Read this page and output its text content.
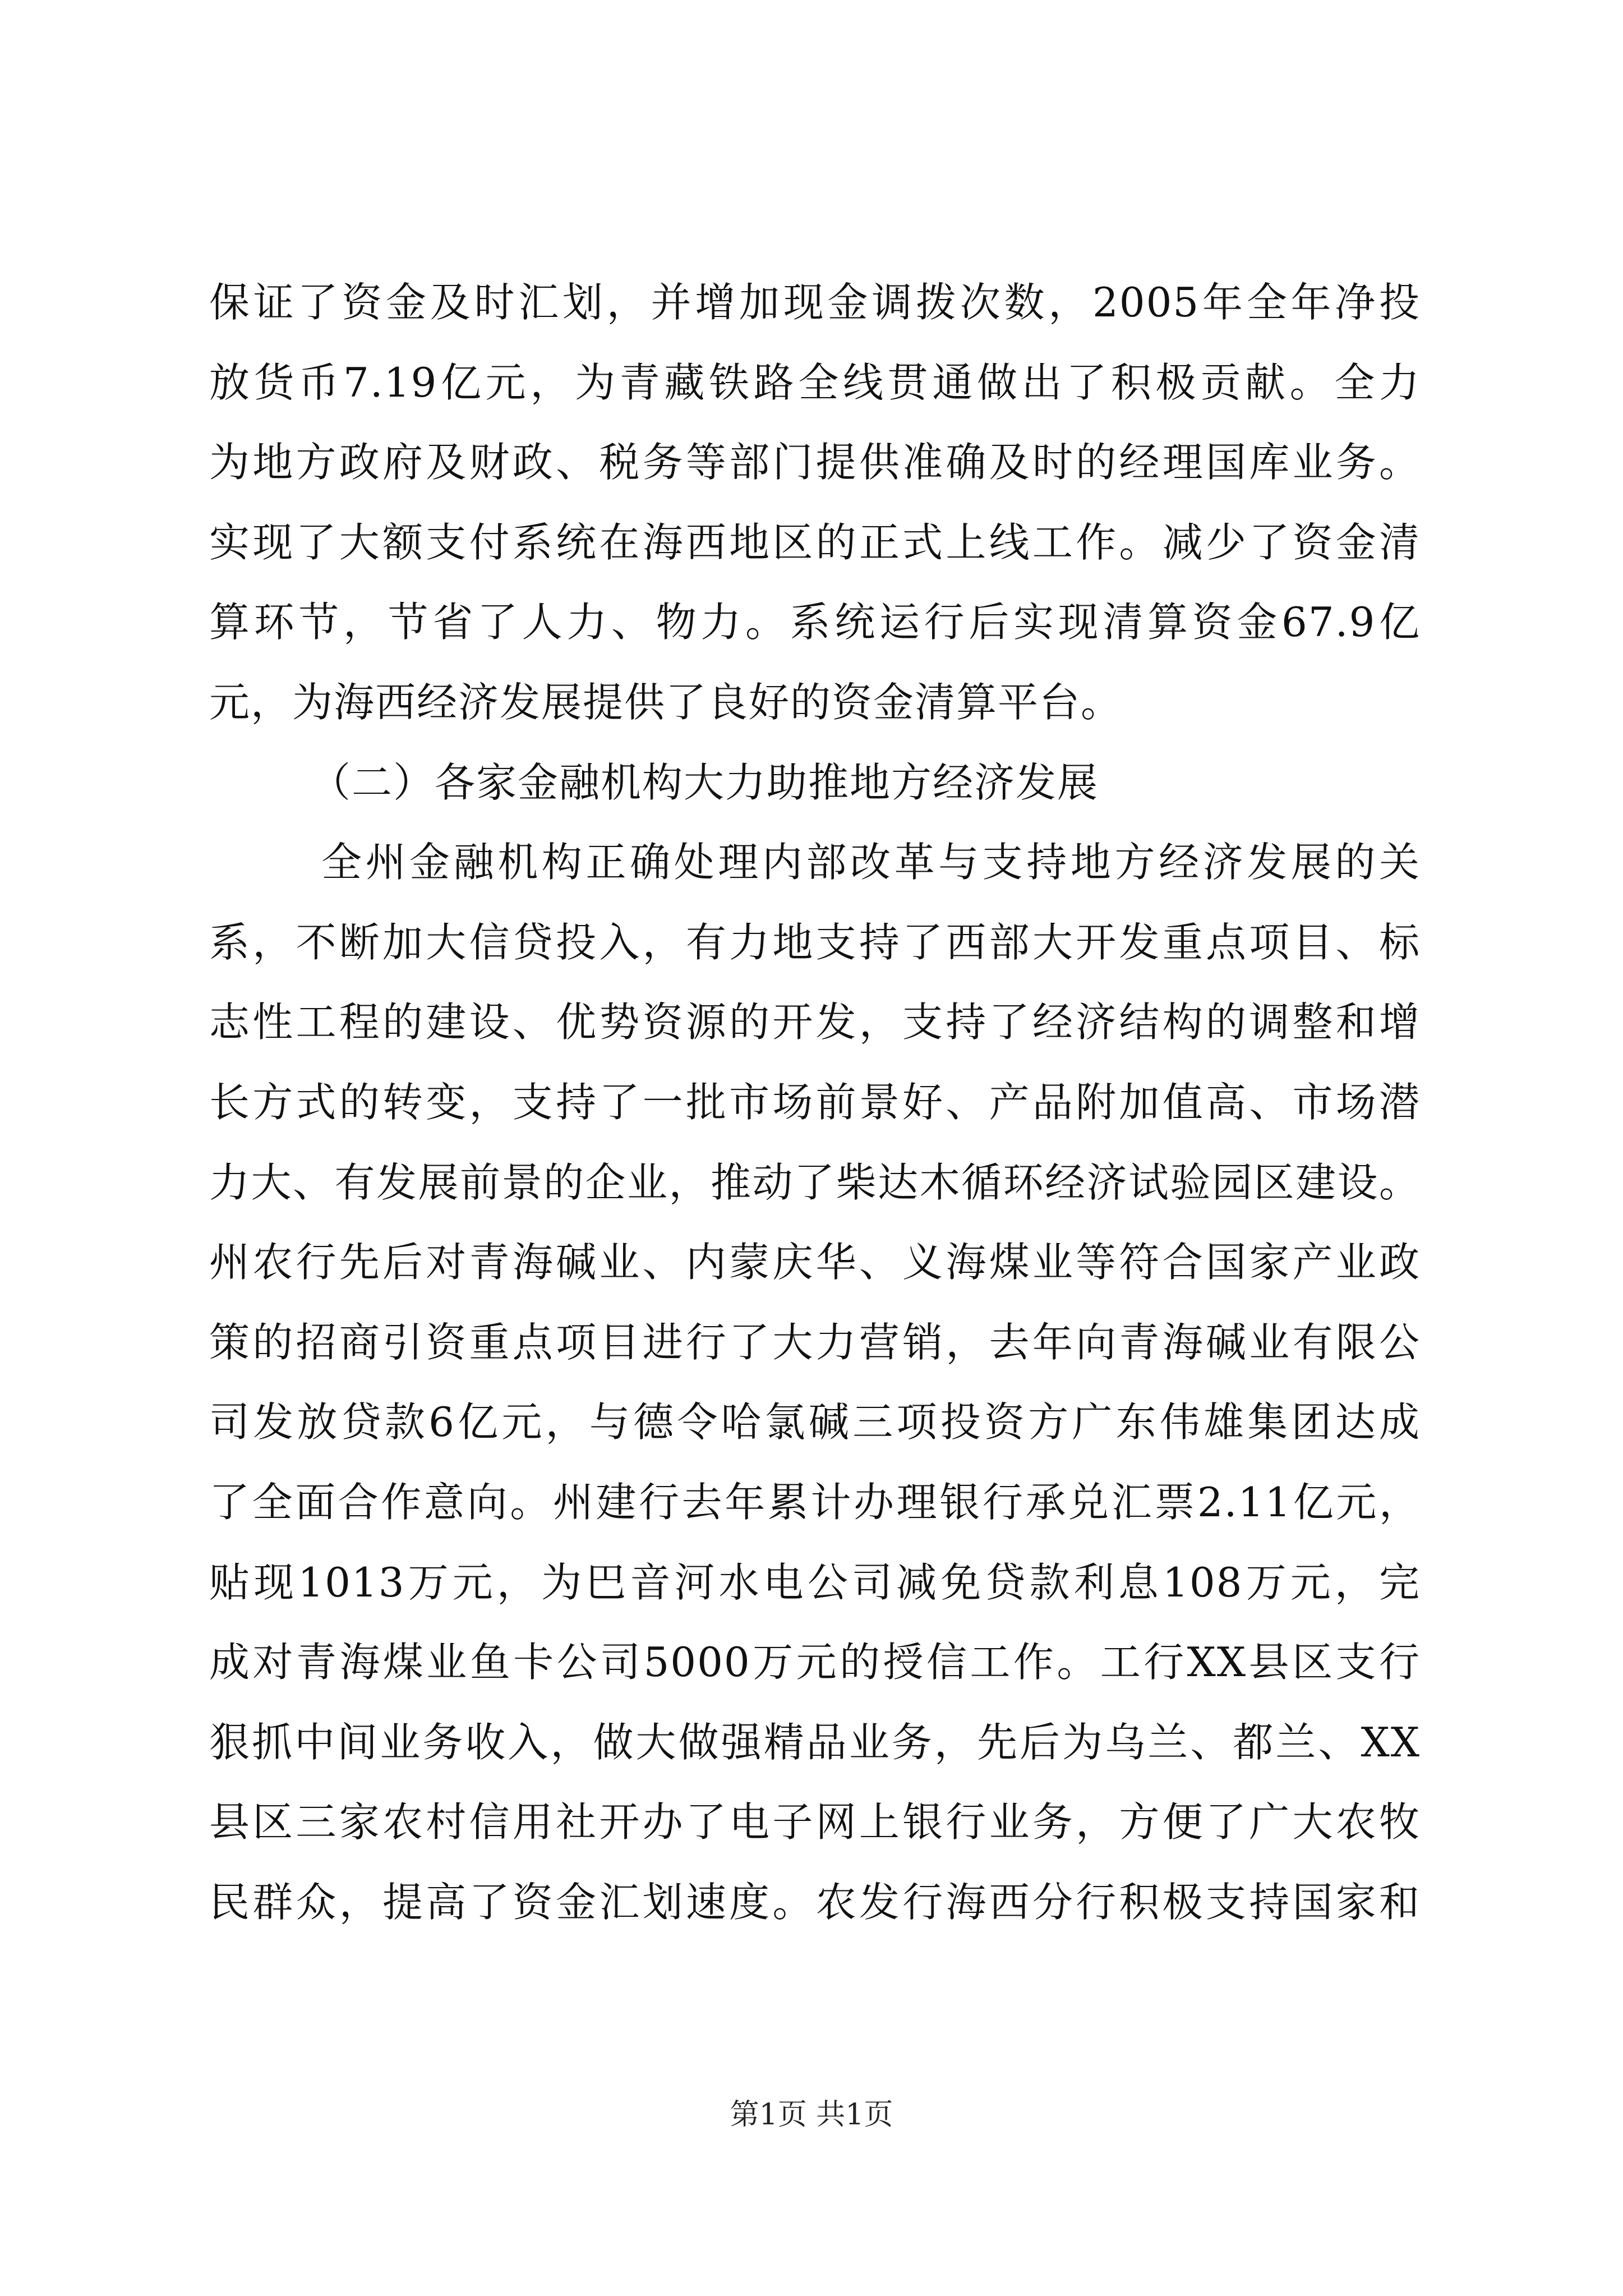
保证了资金及时汇划，并增加现金调拨次数，2005年全年净投
放货币7.19亿元，为青藏铁路全线贯通做出了积极贡献。全力
为地方政府及财政、税务等部门提供准确及时的经理国库业务。
实现了大额支付系统在海西地区的正式上线工作。减少了资金清
算环节，节省了人力、物力。系统运行后实现清算资金67.9亿
元，为海西经济发展提供了良好的资金清算平台。
（二）各家金融机构大力助推地方经济发展
全州金融机构正确处理内部改革与支持地方经济发展的关
系，不断加大信贷投入，有力地支持了西部大开发重点项目、标
志性工程的建设、优势资源的开发，支持了经济结构的调整和增
长方式的转变，支持了一批市场前景好、产品附加值高、市场潜
力大、有发展前景的企业，推动了柴达木循环经济试验园区建设。
州农行先后对青海碱业、内蒙庆华、义海煤业等符合国家产业政
策的招商引资重点项目进行了大力营销，去年向青海碱业有限公
司发放贷款6亿元，与德令哈氯碱三项投资方广东伟雄集团达成
了全面合作意向。州建行去年累计办理银行承兑汇票2.11亿元，
贴现1013万元，为巴音河水电公司减免贷款利息108万元，完
成对青海煤业鱼卡公司5000万元的授信工作。工行XX县区支行
狠抓中间业务收入，做大做强精品业务，先后为乌兰、都兰、XX
县区三家农村信用社开办了电子网上银行业务，方便了广大农牧
民群众，提高了资金汇划速度。农发行海西分行积极支持国家和
第1页 共1页
